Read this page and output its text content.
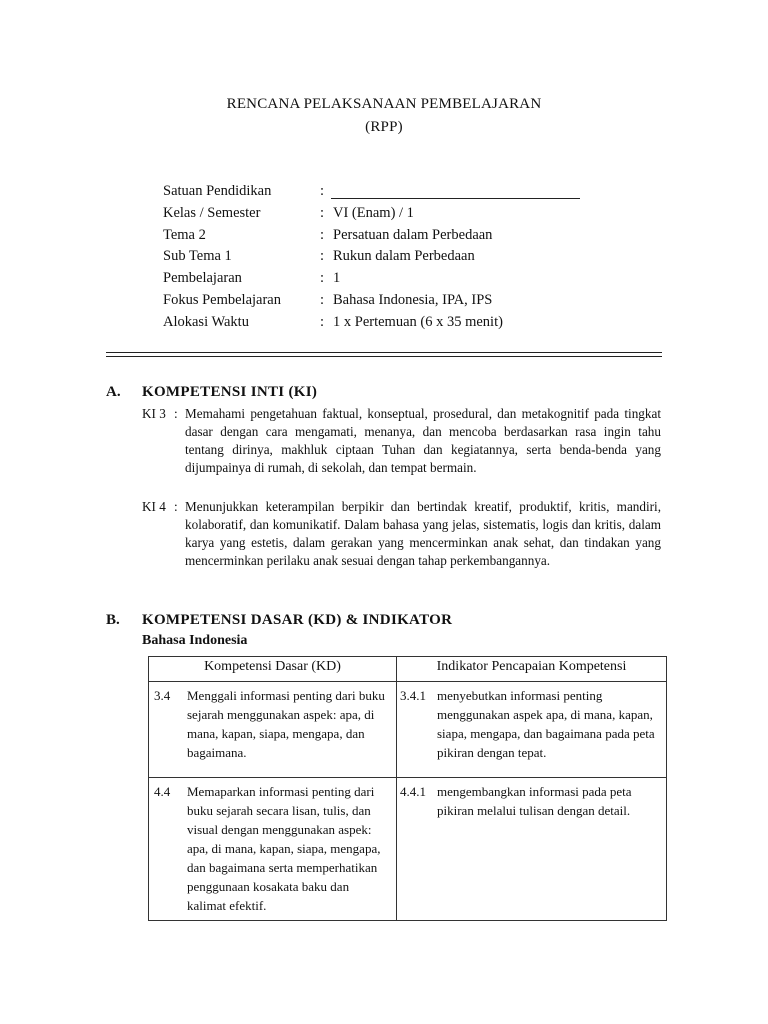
RENCANA PELAKSANAAN PEMBELAJARAN
(RPP)
Satuan Pendidikan	:
Kelas / Semester	: VI (Enam) / 1
Tema 2	: Persatuan dalam Perbedaan
Sub Tema 1	: Rukun dalam Perbedaan
Pembelajaran	: 1
Fokus Pembelajaran	: Bahasa Indonesia, IPA, IPS
Alokasi Waktu	: 1 x Pertemuan (6 x 35 menit)
A. KOMPETENSI INTI (KI)
KI 3 : Memahami pengetahuan faktual, konseptual, prosedural, dan metakognitif pada tingkat dasar dengan cara mengamati, menanya, dan mencoba berdasarkan rasa ingin tahu tentang dirinya, makhluk ciptaan Tuhan dan kegiatannya, serta benda-benda yang dijumpainya di rumah, di sekolah, dan tempat bermain.
KI 4 : Menunjukkan keterampilan berpikir dan bertindak kreatif, produktif, kritis, mandiri, kolaboratif, dan komunikatif. Dalam bahasa yang jelas, sistematis, logis dan kritis, dalam karya yang estetis, dalam gerakan yang mencerminkan anak sehat, dan tindakan yang mencerminkan perilaku anak sesuai dengan tahap perkembangannya.
B. KOMPETENSI DASAR (KD) & INDIKATOR
Bahasa Indonesia
Kompetensi Dasar (KD)	Indikator Pencapaian Kompetensi

3.4 Menggali informasi penting dari buku sejarah menggunakan aspek: apa, di mana, kapan, siapa, mengapa, dan bagaimana.	3.4.1 menyebutkan informasi penting menggunakan aspek apa, di mana, kapan, siapa, mengapa, dan bagaimana pada peta pikiran dengan tepat.

4.4 Memaparkan informasi penting dari buku sejarah secara lisan, tulis, dan visual dengan menggunakan aspek: apa, di mana, kapan, siapa, mengapa, dan bagaimana serta memperhatikan penggunaan kosakata baku dan kalimat efektif.	4.4.1 mengembangkan informasi pada peta pikiran melalui tulisan dengan detail.
